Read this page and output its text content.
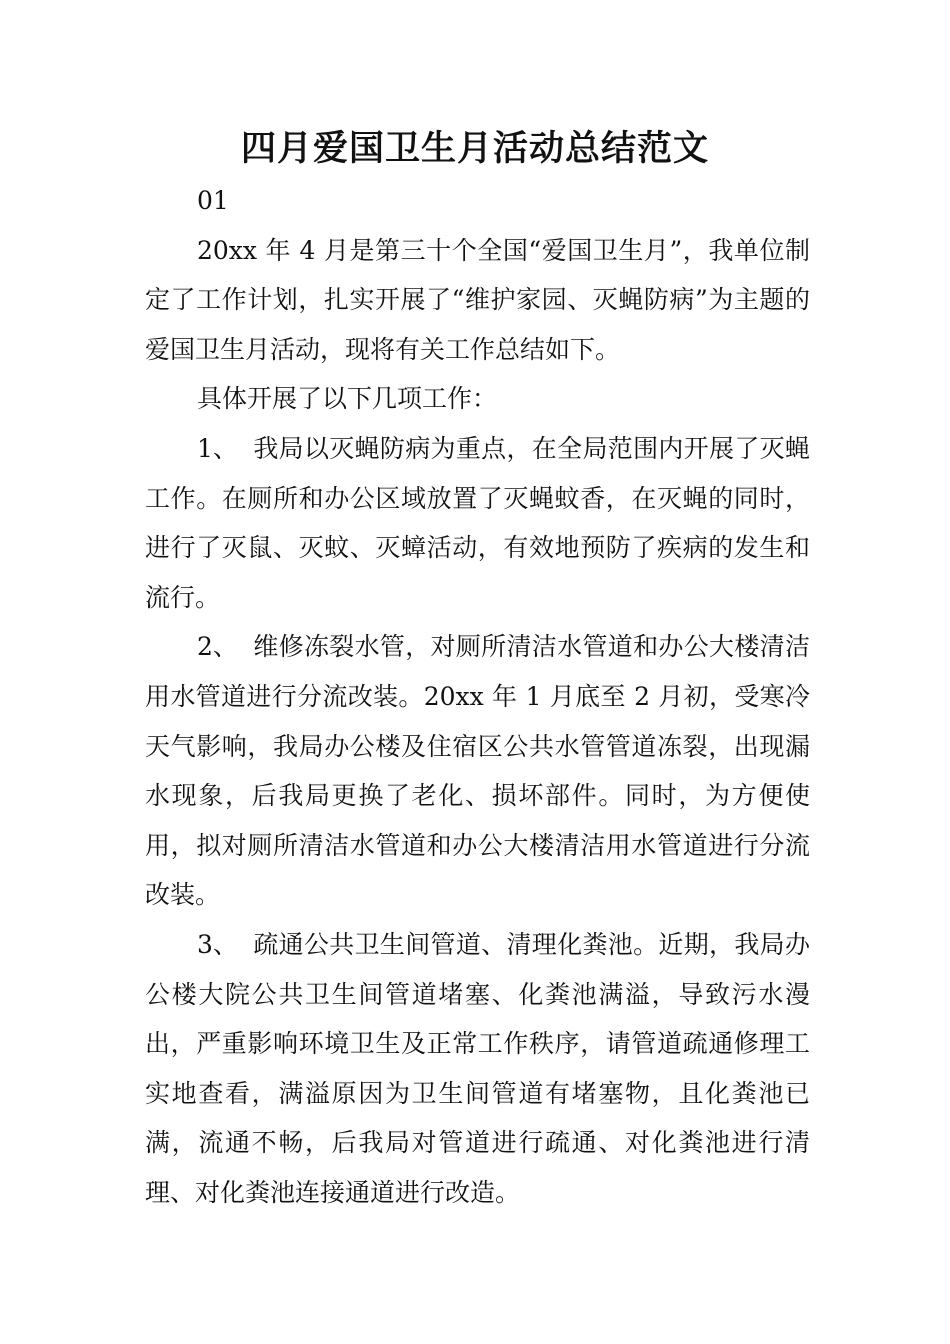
四月爱国卫生月活动总结范文

01

20xx 年 4 月是第三十个全国“爱国卫生月”，我单位制定了工作计划，扎实开展了“维护家园、灭蝇防病”为主题的爱国卫生月活动，现将有关工作总结如下。

具体开展了以下几项工作：

1、 我局以灭蝇防病为重点，在全局范围内开展了灭蝇工作。在厕所和办公区域放置了灭蝇蚊香，在灭蝇的同时，进行了灭鼠、灭蚊、灭蟑活动，有效地预防了疾病的发生和流行。

2、 维修冻裂水管，对厕所清洁水管道和办公大楼清洁用水管道进行分流改装。20xx 年 1 月底至 2 月初，受寒冷天气影响，我局办公楼及住宿区公共水管管道冻裂，出现漏水现象，后我局更换了老化、损坏部件。同时，为方便使用，拟对厕所清洁水管道和办公大楼清洁用水管道进行分流改装。

3、 疏通公共卫生间管道、清理化粪池。近期，我局办公楼大院公共卫生间管道堵塞、化粪池满溢，导致污水漫出，严重影响环境卫生及正常工作秩序，请管道疏通修理工实地查看，满溢原因为卫生间管道有堵塞物，且化粪池已满，流通不畅，后我局对管道进行疏通、对化粪池进行清理、对化粪池连接通道进行改造。
